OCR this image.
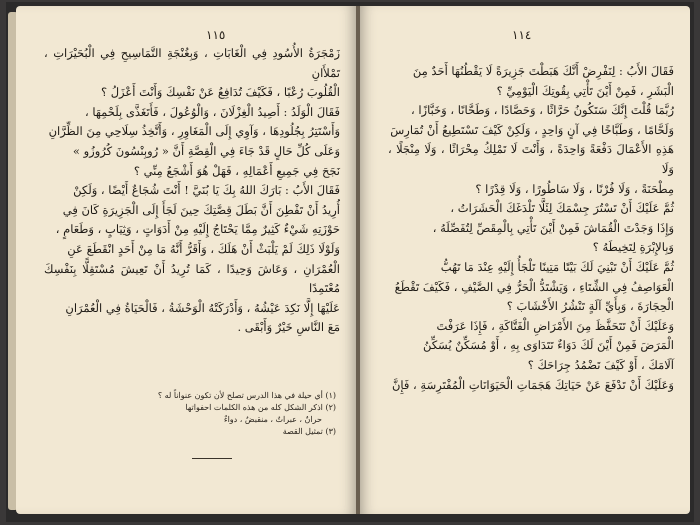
١١٥

زَمْجَرَةُ الأُسُودِ فِي الْغَابَاتِ ، وَبِغُنْجَةِ التَّمَاسِيحِ فِي الْبُحَيْرَاتِ ، تَمْلأَانِ

الْقُلُوبَ رُعْبًا ، فَكَيْفَ تُدَافِعُ عَنْ نَفْسِكَ وَأَنْتَ أَعْزَلُ ؟

فَقَالَ الْوَلَدُ : أَصِيدُ الْغِزْلَانَ ، وَالْوُعُولَ ، فَأَتَغَذَّى بِلَحْمِهَا ،

وَأَسْتَتِرُ بِجُلُودِهَا ، وَآوِي إِلَى الْمَغَاوِرِ ، وَأَتَّخِذُ سِلَاحِي مِنَ الظِّرَّانِ

وَعَلَى كُلِّ حَالٍ قَدْ جَاءَ فِي الْقِصَّةِ أَنَّ « رُوبِنْسُونَ كُرُوزُو »

نَجَحَ فِي جَمِيعِ أَعْمَالِهِ ، فَهَلْ هُوَ أَشْجَعُ مِنِّي ؟

فَقَالَ الأَبُ : بَارَكَ اللهُ بِكَ يَا بُنَيَّ ! أَنْتَ شُجَاعٌ أَيْضًا ، وَلَكِنْ

أُرِيدُ أَنْ تَفْطِنَ أَنَّ بَطَلَ قِصَّتِكَ حِينَ لَجَأَ إِلَى الْجَزِيرَةِ كَانَ فِي

حَوْزَتِهِ شَيْءٌ كَثِيرٌ مِمَّا يَحْتَاجُ إِلَيْهِ مِنْ أَدَوَاتٍ ، وَثِيَابٍ ، وَطَعَامٍ ،

وَلَوْلَا ذَلِكَ لَمْ يَلْبَثْ أَنْ هَلَكَ ، وَأَقَرُّ أَنَّهُ مَا مِنْ أَحَدٍ انْقَطَعَ عَنِ

الْعُمْرَانِ ، وَعَاشَ وَحِيدًا ، كَمَا تُرِيدُ أَنْ تَعِيشَ مُسْتَقِلًّا بِنَفْسِكَ مُعْتَمِدًا

عَلَيْهَا إِلَّا نَكِدَ عَيْشُهُ ، وَأَدْرَكَتْهُ الْوَحْشَةُ ، فَالْحَيَاةُ فِي الْعُمْرَانِ

مَعَ النَّاسِ خَيْرٌ وَأَبْقَى .

(١) أي حيلة في هذا الدرس تصلح لأن تكون عنواناً له ؟
(٢) اذكر الشكل كله من هذه الكلمات احفواتها
حرانٌ ، عبراتٌ ، منقبضٌ ، دواءٌ
(٣) تمثيل القصة
١١٤

فَقَالَ الأَبُ : لِنَفْرِضْ أَنَّكَ هَبَطْتَ جَزِيرَةً لَا يَقْطُنُهَا أَحَدٌ مِنَ

الْبَشَرِ ، فَمِنْ أَيْنَ تَأْتِي بِقُوتِكَ الْيَوْمِيِّ ؟

رُبَّمَا قُلْتَ إِنَّكَ سَتَكُونُ حَرَّاثًا ، وَحَصَّادًا ، وَطَحَّانًا ، وَخَبَّازًا ،

وَلَحَّامًا ، وَطَبَّاخًا فِي آنٍ وَاحِدٍ ، وَلَكِنْ كَيْفَ تَسْتَطِيعُ أَنْ تُمَارِسَ

هَذِهِ الأَعْمَالَ دَفْعَةً وَاحِدَةً ، وَأَنْتَ لَا تَمْلِكُ مِحْرَاثًا ، وَلَا مِنْجَلًا ، وَلَا

مِطْحَنَةً ، وَلَا فُرْنًا ، وَلَا سَاطُورًا ، وَلَا قِدْرًا ؟

ثُمَّ عَلَيْكَ أَنْ تَسْتُرَ جِسْمَكَ لِئَلَّا تَلْدَغَكَ الْحَشَرَاتُ ،

وَإِذَا وَجَدْتَ الْقُمَاشَ فَمِنْ أَيْنَ تَأْتِي بِالْمِقَصِّ لِتُفَصِّلَهُ ،

وَبِالإِبْرَةِ لِتَخِيطَهُ ؟

ثُمَّ عَلَيْكَ أَنْ تَبْنِيَ لَكَ بَيْتًا مَتِينًا تَلْجَأُ إِلَيْهِ عِنْدَ مَا تَهُبُّ

الْعَوَاصِفُ فِي الشِّتَاءِ ، وَيَشْتَدُّ الْحَرُّ فِي الصَّيْفِ ، فَكَيْفَ تَقْطَعُ

الْحِجَارَةَ ، وَبِأَيِّ آلَةٍ تَنْشُرُ الأَخْشَابَ ؟

وَعَلَيْكَ أَنْ تَتَحَفَّظَ مِنَ الأَمْرَاضِ الْفَتَّاكَةِ ، فَإِذَا عَرَفْتَ

الْمَرَضَ فَمِنْ أَيْنَ لَكَ دَوَاءٌ تَتَدَاوَى بِهِ ، أَوْ مُسَكِّنٌ يُسَكِّنُ

آلَامَكَ ، أَوْ كَيْفَ تَضْمُدُ جِرَاحَكَ ؟

وَعَلَيْكَ أَنْ تَدْفَعَ عَنْ حَيَاتِكَ هَجَمَاتِ الْحَيَوَانَاتِ الْمُفْتَرِسَةِ ، فَإِنَّ
